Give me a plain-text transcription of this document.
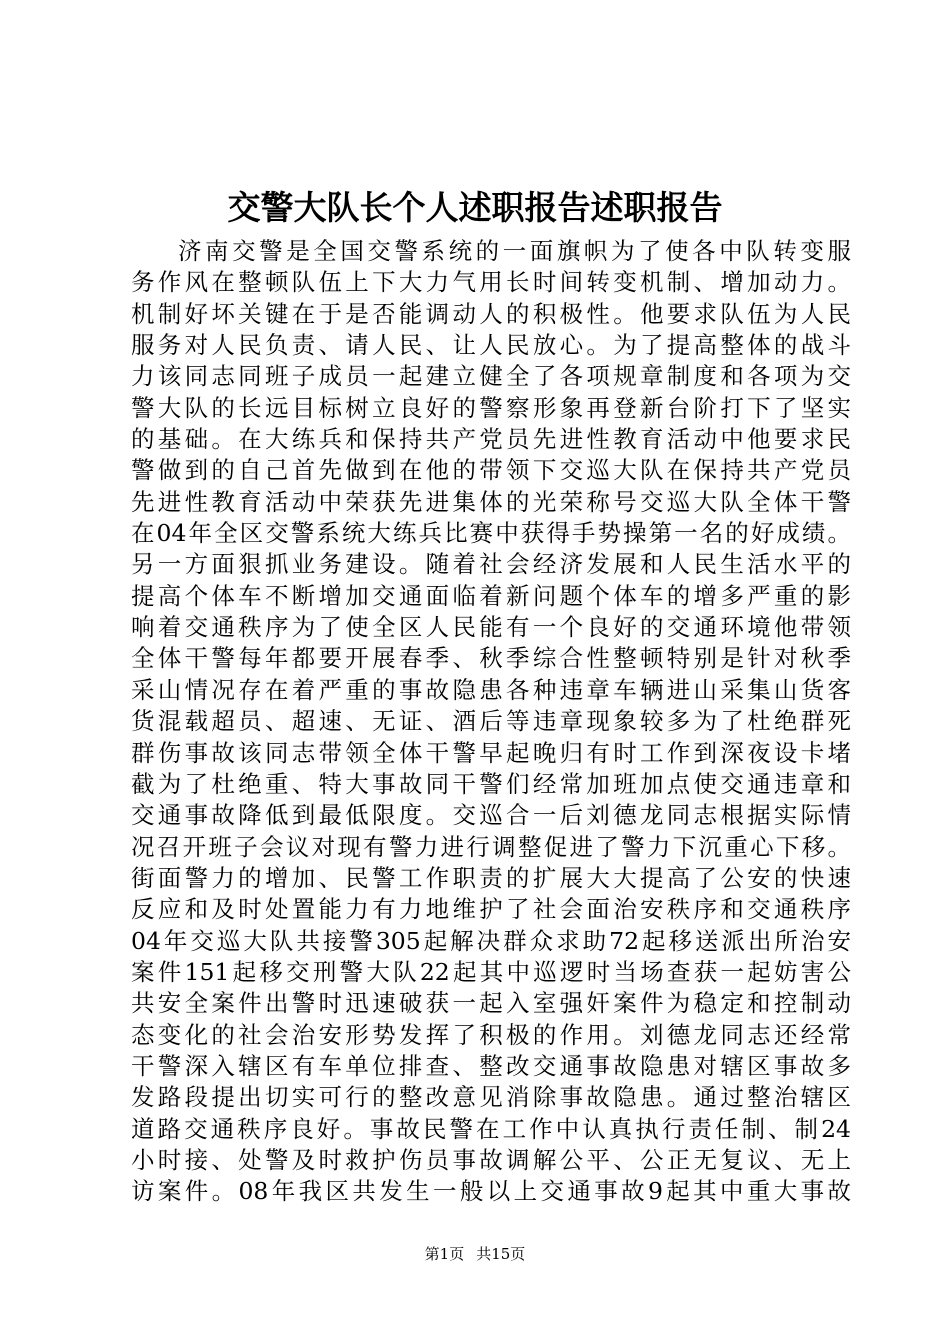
交警大队长个人述职报告述职报告
济南交警是全国交警系统的一面旗帜为了使各中队转变服
务作风在整顿队伍上下大力气用长时间转变机制、增加动力。
机制好坏关键在于是否能调动人的积极性。他要求队伍为人民
服务对人民负责、请人民、让人民放心。为了提高整体的战斗
力该同志同班子成员一起建立健全了各项规章制度和各项为交
警大队的长远目标树立良好的警察形象再登新台阶打下了坚实
的基础。在大练兵和保持共产党员先进性教育活动中他要求民
警做到的自己首先做到在他的带领下交巡大队在保持共产党员
先进性教育活动中荣获先进集体的光荣称号交巡大队全体干警
在04年全区交警系统大练兵比赛中获得手势操第一名的好成绩。
另一方面狠抓业务建设。随着社会经济发展和人民生活水平的
提高个体车不断增加交通面临着新问题个体车的增多严重的影
响着交通秩序为了使全区人民能有一个良好的交通环境他带领
全体干警每年都要开展春季、秋季综合性整顿特别是针对秋季
采山情况存在着严重的事故隐患各种违章车辆进山采集山货客
货混载超员、超速、无证、酒后等违章现象较多为了杜绝群死
群伤事故该同志带领全体干警早起晚归有时工作到深夜设卡堵
截为了杜绝重、特大事故同干警们经常加班加点使交通违章和
交通事故降低到最低限度。交巡合一后刘德龙同志根据实际情
况召开班子会议对现有警力进行调整促进了警力下沉重心下移。
街面警力的增加、民警工作职责的扩展大大提高了公安的快速
反应和及时处置能力有力地维护了社会面治安秩序和交通秩序
04年交巡大队共接警305起解决群众求助72起移送派出所治安
案件151起移交刑警大队22起其中巡逻时当场查获一起妨害公
共安全案件出警时迅速破获一起入室强奸案件为稳定和控制动
态变化的社会治安形势发挥了积极的作用。刘德龙同志还经常
干警深入辖区有车单位排查、整改交通事故隐患对辖区事故多
发路段提出切实可行的整改意见消除事故隐患。通过整治辖区
道路交通秩序良好。事故民警在工作中认真执行责任制、制24
小时接、处警及时救护伤员事故调解公平、公正无复议、无上
访案件。08年我区共发生一般以上交通事故9起其中重大事故
第1页 共15页
